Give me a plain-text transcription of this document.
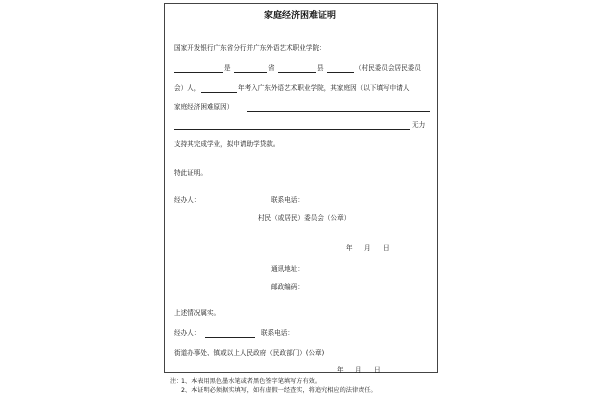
家庭经济困难证明
国家开发银行广东省分行并广东外语艺术职业学院：
是	省	县	（村民委员会居民委员
会）人，	年考入广东外语艺术职业学院，其家庭因（以下填写申请人
家庭经济困难原因）
无力
支持其完成学业，拟申请助学贷款。
特此证明。
经办人：	联系电话：
村民（或居民）委员会（公章）
年 月 日
通讯地址：
邮政编码：
上述情况属实。
经办人：	联系电话：
街道办事处、镇或以上人民政府（民政部门）(公章)
年 月 日
注： 1、本表用黑色墨水笔或者黑色签字笔填写方有效。
2、本证明必须据实填写，如有虚假一经查实，将追究相应的法律责任。
